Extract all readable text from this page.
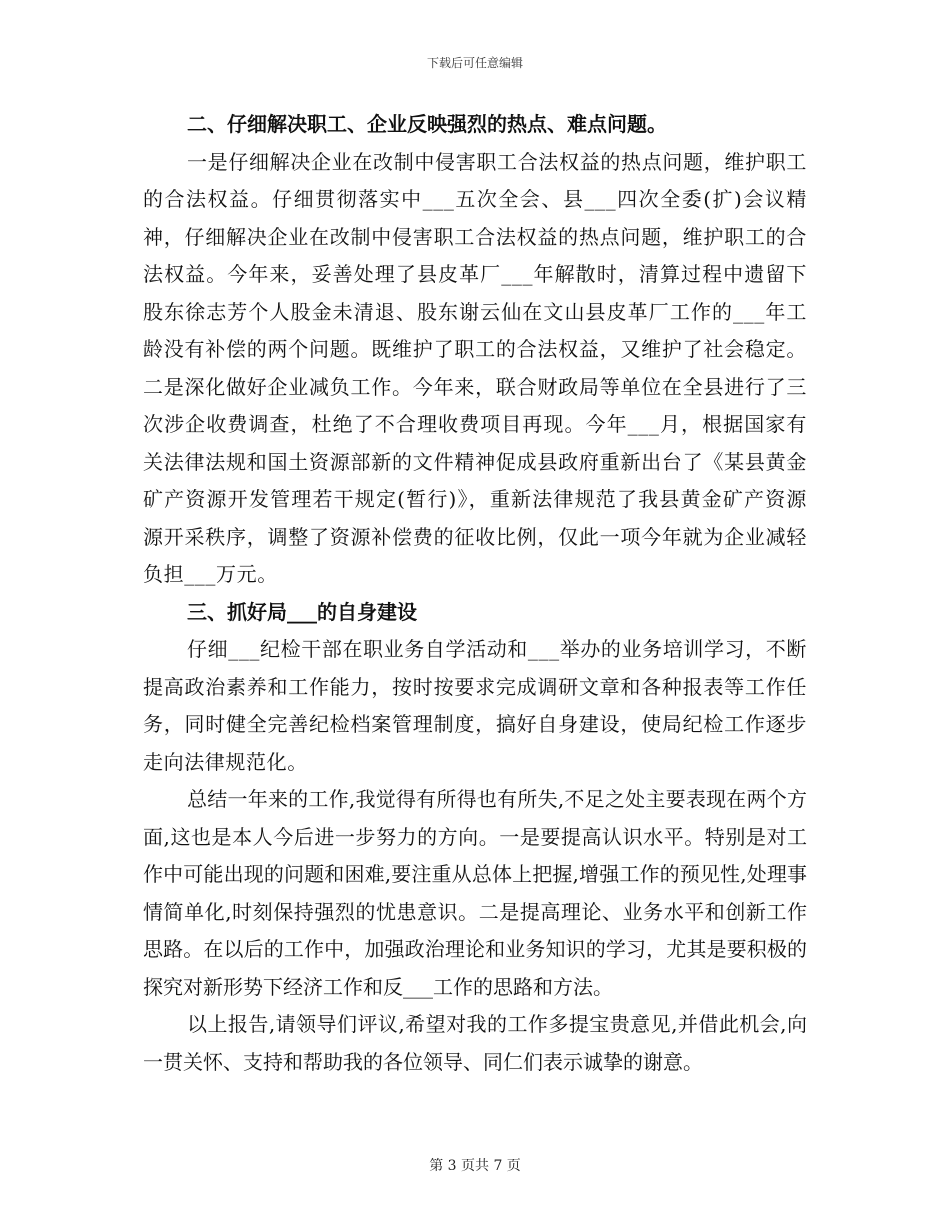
下载后可任意编辑
二、仔细解决职工、企业反映强烈的热点、难点问题。

一是仔细解决企业在改制中侵害职工合法权益的热点问题，维护职工的合法权益。仔细贯彻落实中___五次全会、县___四次全委(扩)会议精神，仔细解决企业在改制中侵害职工合法权益的热点问题，维护职工的合法权益。今年来，妥善处理了县皮革厂___年解散时，清算过程中遗留下股东徐志芳个人股金未清退、股东谢云仙在文山县皮革厂工作的___年工龄没有补偿的两个问题。既维护了职工的合法权益，又维护了社会稳定。二是深化做好企业减负工作。今年来，联合财政局等单位在全县进行了三次涉企收费调查，杜绝了不合理收费项目再现。今年___月，根据国家有关法律法规和国土资源部新的文件精神促成县政府重新出台了《某县黄金矿产资源开发管理若干规定(暂行)》，重新法律规范了我县黄金矿产资源源开采秩序，调整了资源补偿费的征收比例，仅此一项今年就为企业减轻负担___万元。

三、抓好局___的自身建设

仔细___纪检干部在职业务自学活动和___举办的业务培训学习，不断提高政治素养和工作能力，按时按要求完成调研文章和各种报表等工作任务，同时健全完善纪检档案管理制度，搞好自身建设，使局纪检工作逐步走向法律规范化。

总结一年来的工作,我觉得有所得也有所失,不足之处主要表现在两个方面,这也是本人今后进一步努力的方向。一是要提高认识水平。特别是对工作中可能出现的问题和困难,要注重从总体上把握,增强工作的预见性,处理事情简单化,时刻保持强烈的忧患意识。二是提高理论、业务水平和创新工作思路。在以后的工作中，加强政治理论和业务知识的学习，尤其是要积极的探究对新形势下经济工作和反___工作的思路和方法。

以上报告,请领导们评议,希望对我的工作多提宝贵意见,并借此机会,向一贯关怀、支持和帮助我的各位领导、同仁们表示诚挚的谢意。

第 3 页共 7 页
